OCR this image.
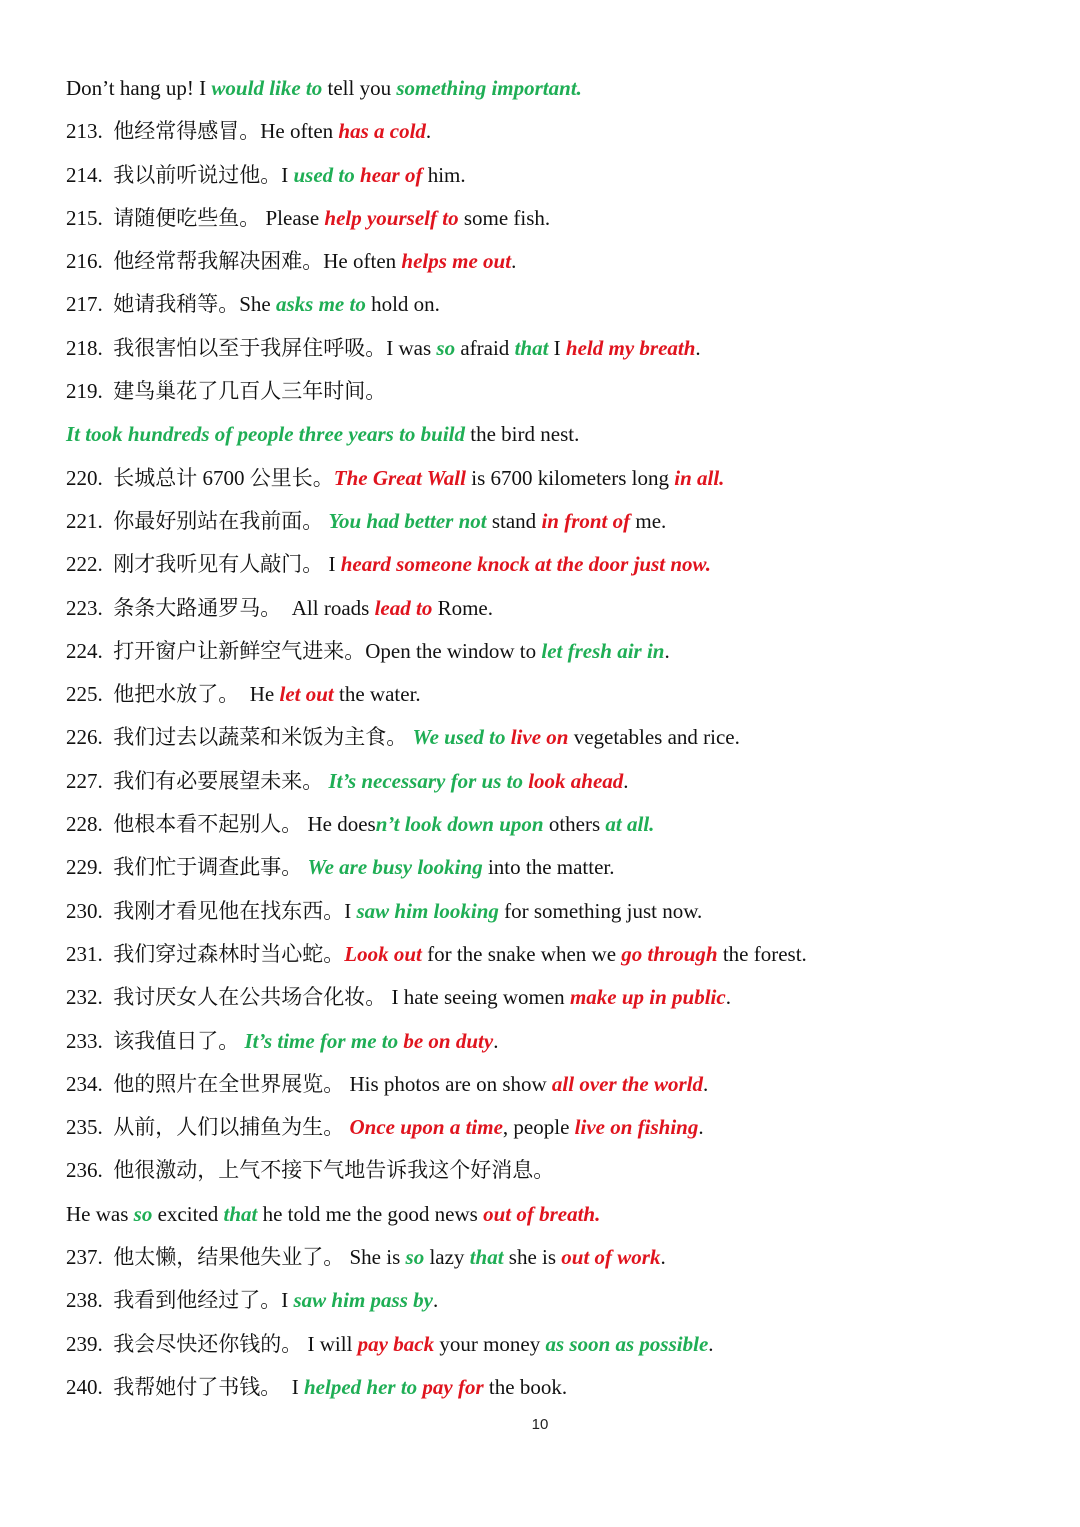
Don’t hang up! I would like to tell you something important.
213.  他经常得感冒。He often has a cold.
214.  我以前听说过他。I used to hear of him.
215.  请随便吃些鱼。 Please help yourself to some fish.
216.  他经常帮我解决困难。He often helps me out.
217.  她请我稍等。She asks me to hold on.
218.  我很害怕以至于我屏住呼吸。I was so afraid that I held my breath.
219.  建鸟巢花了几百人三年时间。
It took hundreds of people three years to build the bird nest.
220.  长城总计 6700 公里长。The Great Wall is 6700 kilometers long in all.
221.  你最好别站在我前面。 You had better not stand in front of me.
222.  刚才我听见有人敲门。 I heard someone knock at the door just now.
223.  条条大路通罗马。  All roads lead to Rome.
224.  打开窗户让新鲜空气进来。Open the window to let fresh air in.
225.  他把水放了。  He let out the water.
226.  我们过去以蔬菜和米饭为主食。 We used to live on vegetables and rice.
227.  我们有必要展望未来。 It’s necessary for us to look ahead.
228.  他根本看不起别人。 He doesn’t look down upon others at all.
229.  我们忙于调查此事。 We are busy looking into the matter.
230.  我刚才看见他在找东西。I saw him looking for something just now.
231.  我们穿过森林时当心蛇。Look out for the snake when we go through the forest.
232.  我讨厌女人在公共场合化妆。 I hate seeing women make up in public.
233.  该我值日了。 It’s time for me to be on duty.
234.  他的照片在全世界展览。 His photos are on show all over the world.
235.  从前，人们以捕鱼为生。 Once upon a time, people live on fishing.
236.  他很激动，上气不接下气地告诉我这个好消息。
He was so excited that he told me the good news out of breath.
237.  他太懒，结果他失业了。 She is so lazy that she is out of work.
238.  我看到他经过了。I saw him pass by.
239.  我会尽快还你钱的。 I will pay back your money as soon as possible.
240.  我帮她付了书钱。  I helped her to pay for the book.
10
